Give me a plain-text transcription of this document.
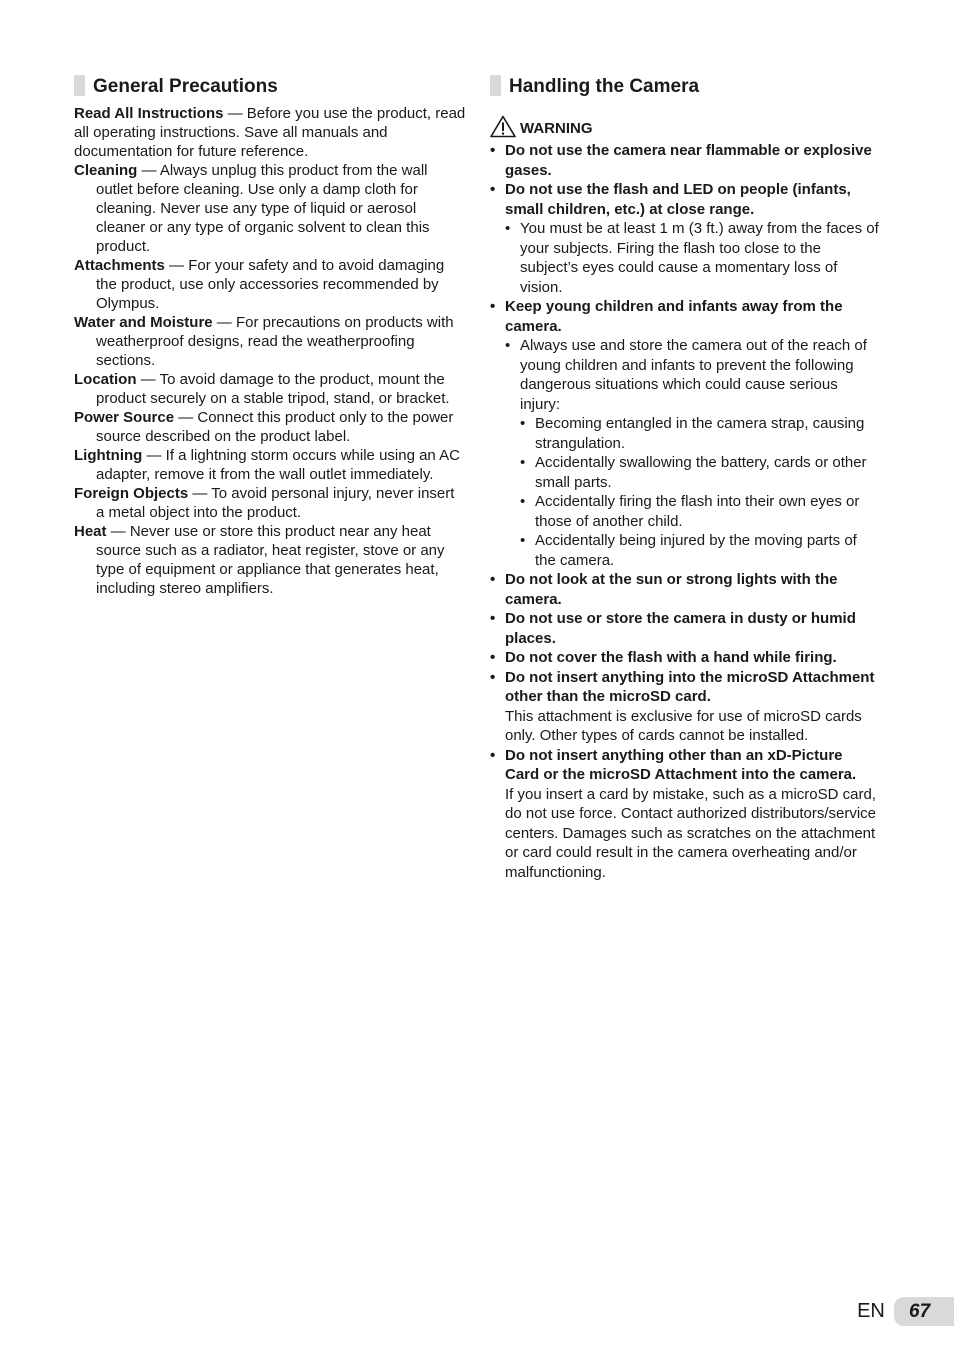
General Precautions

Read All Instructions — Before you use the product, read all operating instructions. Save all manuals and documentation for future reference.

Cleaning — Always unplug this product from the wall outlet before cleaning. Use only a damp cloth for cleaning. Never use any type of liquid or aerosol cleaner or any type of organic solvent to clean this product.

Attachments — For your safety and to avoid damaging the product, use only accessories recommended by Olympus.

Water and Moisture — For precautions on products with weatherproof designs, read the weatherproofing sections.

Location — To avoid damage to the product, mount the product securely on a stable tripod, stand, or bracket.

Power Source — Connect this product only to the power source described on the product label.

Lightning — If a lightning storm occurs while using an AC adapter, remove it from the wall outlet immediately.

Foreign Objects — To avoid personal injury, never insert a metal object into the product.

Heat — Never use or store this product near any heat source such as a radiator, heat register, stove or any type of equipment or appliance that generates heat, including stereo amplifiers.

Handling the Camera
WARNING
• Do not use the camera near flammable or explosive gases.
• Do not use the flash and LED on people (infants, small children, etc.) at close range.
• You must be at least 1 m (3 ft.) away from the faces of your subjects. Firing the flash too close to the subject’s eyes could cause a momentary loss of vision.
• Keep young children and infants away from the camera.
• Always use and store the camera out of the reach of young children and infants to prevent the following dangerous situations which could cause serious injury:
• Becoming entangled in the camera strap, causing strangulation.
• Accidentally swallowing the battery, cards or other small parts.
• Accidentally firing the flash into their own eyes or those of another child.
• Accidentally being injured by the moving parts of the camera.
• Do not look at the sun or strong lights with the camera.
• Do not use or store the camera in dusty or humid places.
• Do not cover the flash with a hand while firing.
• Do not insert anything into the microSD Attachment other than the microSD card.
This attachment is exclusive for use of microSD cards only. Other types of cards cannot be installed.
• Do not insert anything other than an xD-Picture Card or the microSD Attachment into the camera.
If you insert a card by mistake, such as a microSD card, do not use force. Contact authorized distributors/service centers. Damages such as scratches on the attachment or card could result in the camera overheating and/or malfunctioning.
EN	67
